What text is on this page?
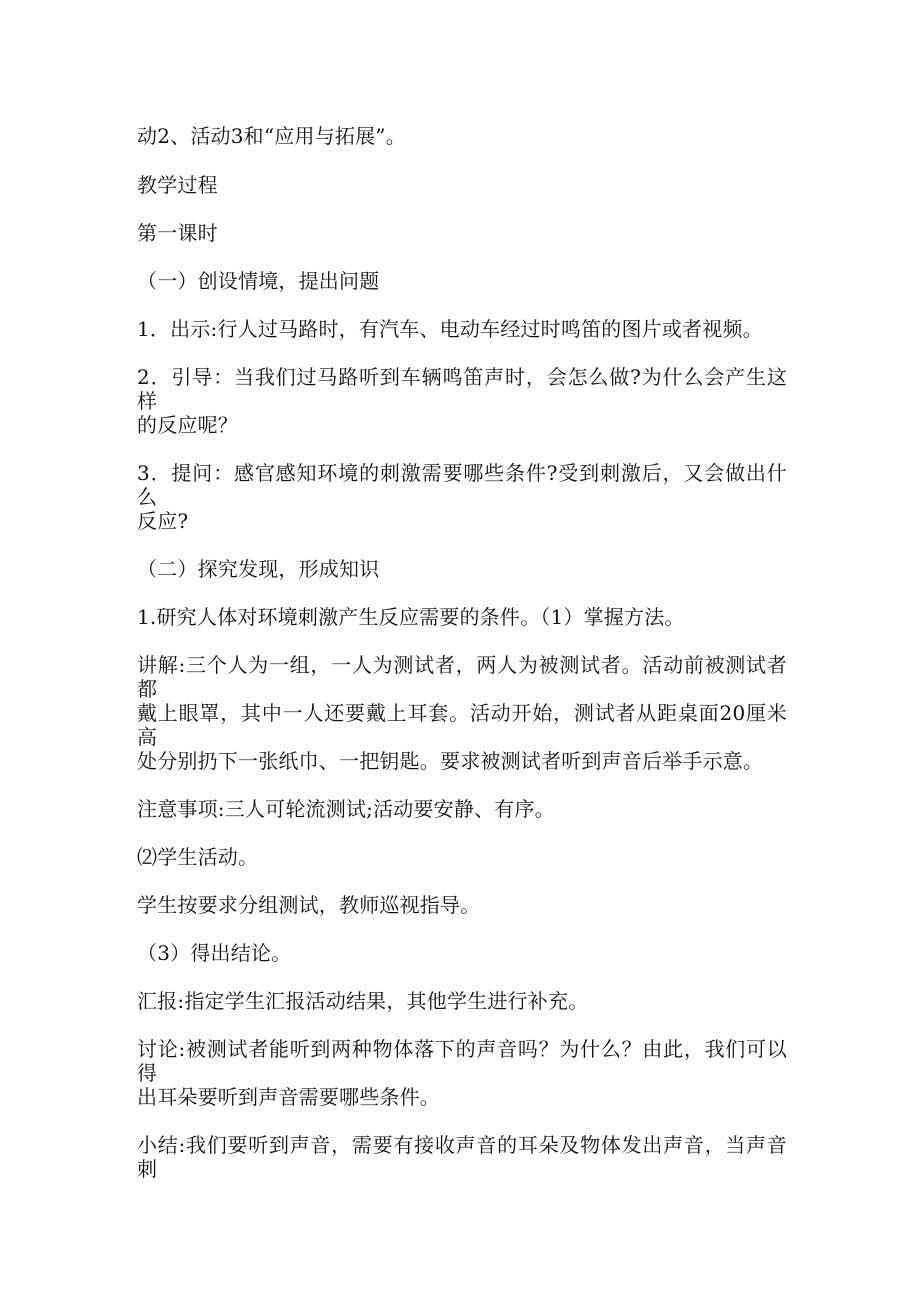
动2、活动3和“应用与拓展”。
教学过程
第一课时
（一）创设情境，提出问题
1．出示:行人过马路时，有汽车、电动车经过时鸣笛的图片或者视频。
2．引导：当我们过马路听到车辆鸣笛声时，会怎么做?为什么会产生这样
的反应呢？
3．提问：感官感知环境的刺激需要哪些条件?受到刺激后，又会做出什么
反应?
（二）探究发现，形成知识
1.研究人体对环境刺激产生反应需要的条件。（1）掌握方法。
讲解:三个人为一组，一人为测试者，两人为被测试者。活动前被测试者都
戴上眼罩，其中一人还要戴上耳套。活动开始，测试者从距桌面20厘米高
处分别扔下一张纸巾、一把钥匙。要求被测试者听到声音后举手示意。
注意事项:三人可轮流测试;活动要安静、有序。
⑵学生活动。
学生按要求分组测试，教师巡视指导。
（3）得出结论。
汇报:指定学生汇报活动结果，其他学生进行补充。
讨论:被测试者能听到两种物体落下的声音吗？为什么？由此，我们可以得
出耳朵要听到声音需要哪些条件。
小结:我们要听到声音，需要有接收声音的耳朵及物体发出声音，当声音刺
